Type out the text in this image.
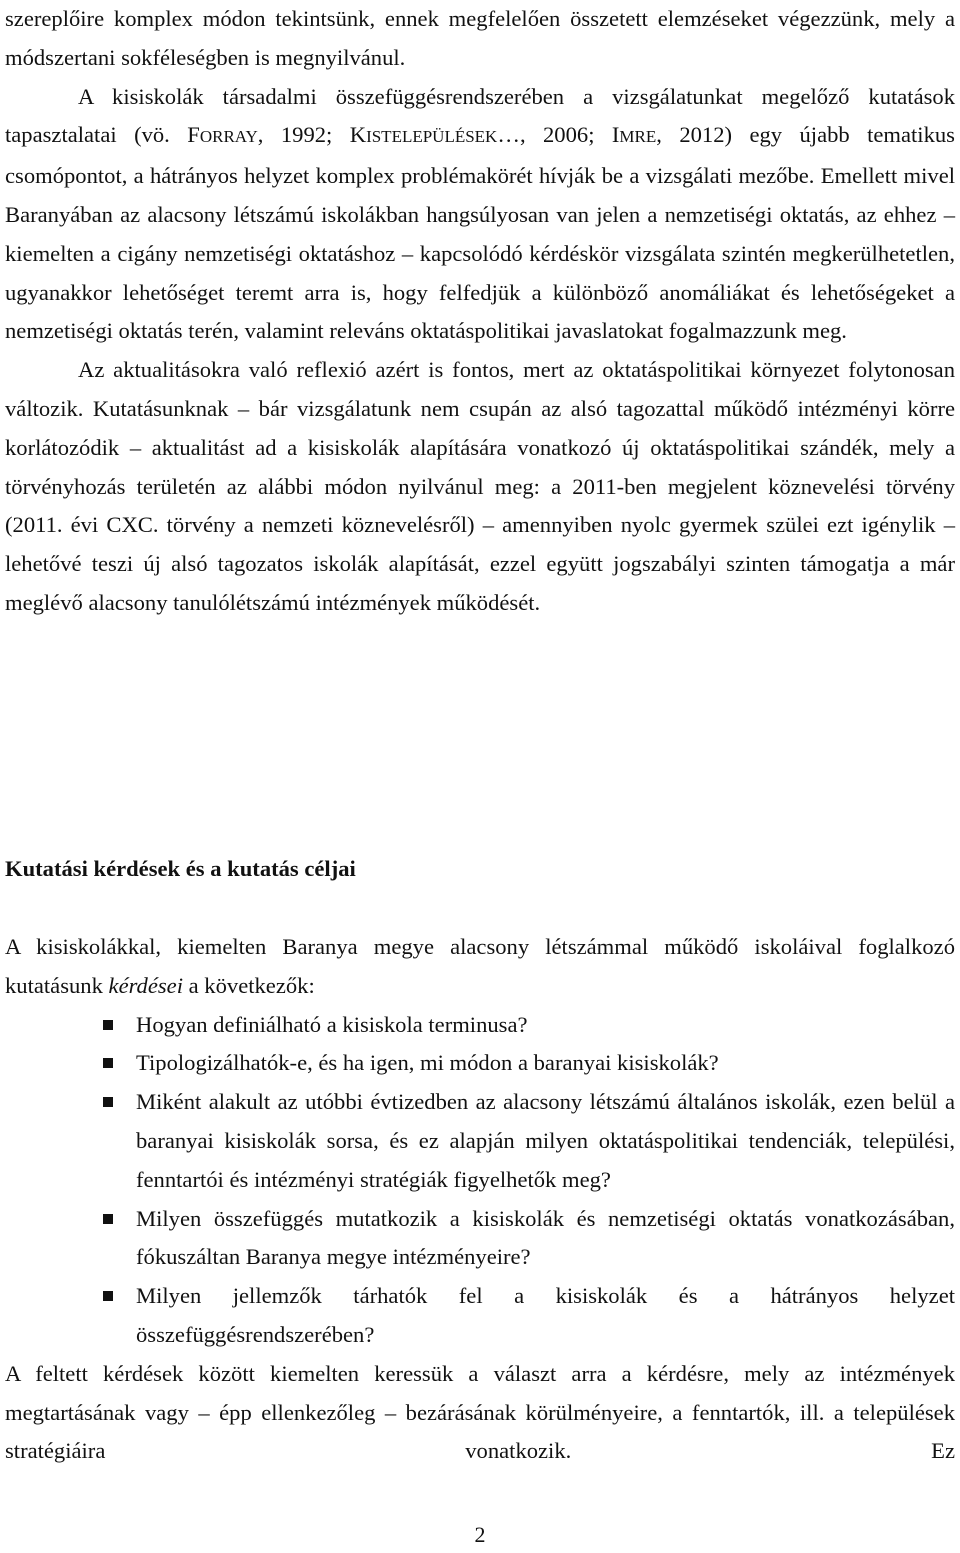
szereplőire komplex módon tekintsünk, ennek megfelelően összetett elemzéseket végezzünk, mely a módszertani sokféleségben is megnyilvánul.

A kisiskolák társadalmi összefüggésrendszerében a vizsgálatunkat megelőző kutatások tapasztalatai (vö. FORRAY, 1992; KISTELEPÜLÉSEK…, 2006; IMRE, 2012) egy újabb tematikus csomópontot, a hátrányos helyzet komplex problémakörét hívják be a vizsgálati mezőbe. Emellett mivel Baranyában az alacsony létszámú iskolákban hangsúlyosan van jelen a nemzetiségi oktatás, az ehhez – kiemelten a cigány nemzetiségi oktatáshoz – kapcsolódó kérdéskör vizsgálata szintén megkerülhetetlen, ugyanakkor lehetőséget teremt arra is, hogy felfedjük a különböző anomáliákat és lehetőségeket a nemzetiségi oktatás terén, valamint releváns oktatáspolitikai javaslatokat fogalmazzunk meg.

Az aktualitásokra való reflexió azért is fontos, mert az oktatáspolitikai környezet folytonosan változik. Kutatásunknak – bár vizsgálatunk nem csupán az alsó tagozattal működő intézményi körre korlátozódik – aktualitást ad a kisiskolák alapítására vonatkozó új oktatáspolitikai szándék, mely a törvényhozás területén az alábbi módon nyilvánul meg: a 2011-ben megjelent köznevelési törvény (2011. évi CXC. törvény a nemzeti köznevelésről) – amennyiben nyolc gyermek szülei ezt igénylik – lehetővé teszi új alsó tagozatos iskolák alapítását, ezzel együtt jogszabályi szinten támogatja a már meglévő alacsony tanulólétszámú intézmények működését.

Kutatási kérdések és a kutatás céljai

A kisiskolákkal, kiemelten Baranya megye alacsony létszámmal működő iskoláival foglalkozó kutatásunk kérdései a következők:

Hogyan definiálható a kisiskola terminusa?
Tipologizálhatók-e, és ha igen, mi módon a baranyai kisiskolák?
Miként alakult az utóbbi évtizedben az alacsony létszámú általános iskolák, ezen belül a baranyai kisiskolák sorsa, és ez alapján milyen oktatáspolitikai tendenciák, települési, fenntartói és intézményi stratégiák figyelhetők meg?
Milyen összefüggés mutatkozik a kisiskolák és nemzetiségi oktatás vonatkozásában, fókuszáltan Baranya megye intézményeire?
Milyen jellemzők tárhatók fel a kisiskolák és a hátrányos helyzet összefüggésrendszerében?

A feltett kérdések között kiemelten keressük a választ arra a kérdésre, mely az intézmények megtartásának vagy – épp ellenkezőleg – bezárásának körülményeire, a fenntartók, ill. a települések stratégiáira vonatkozik. Ez

2
